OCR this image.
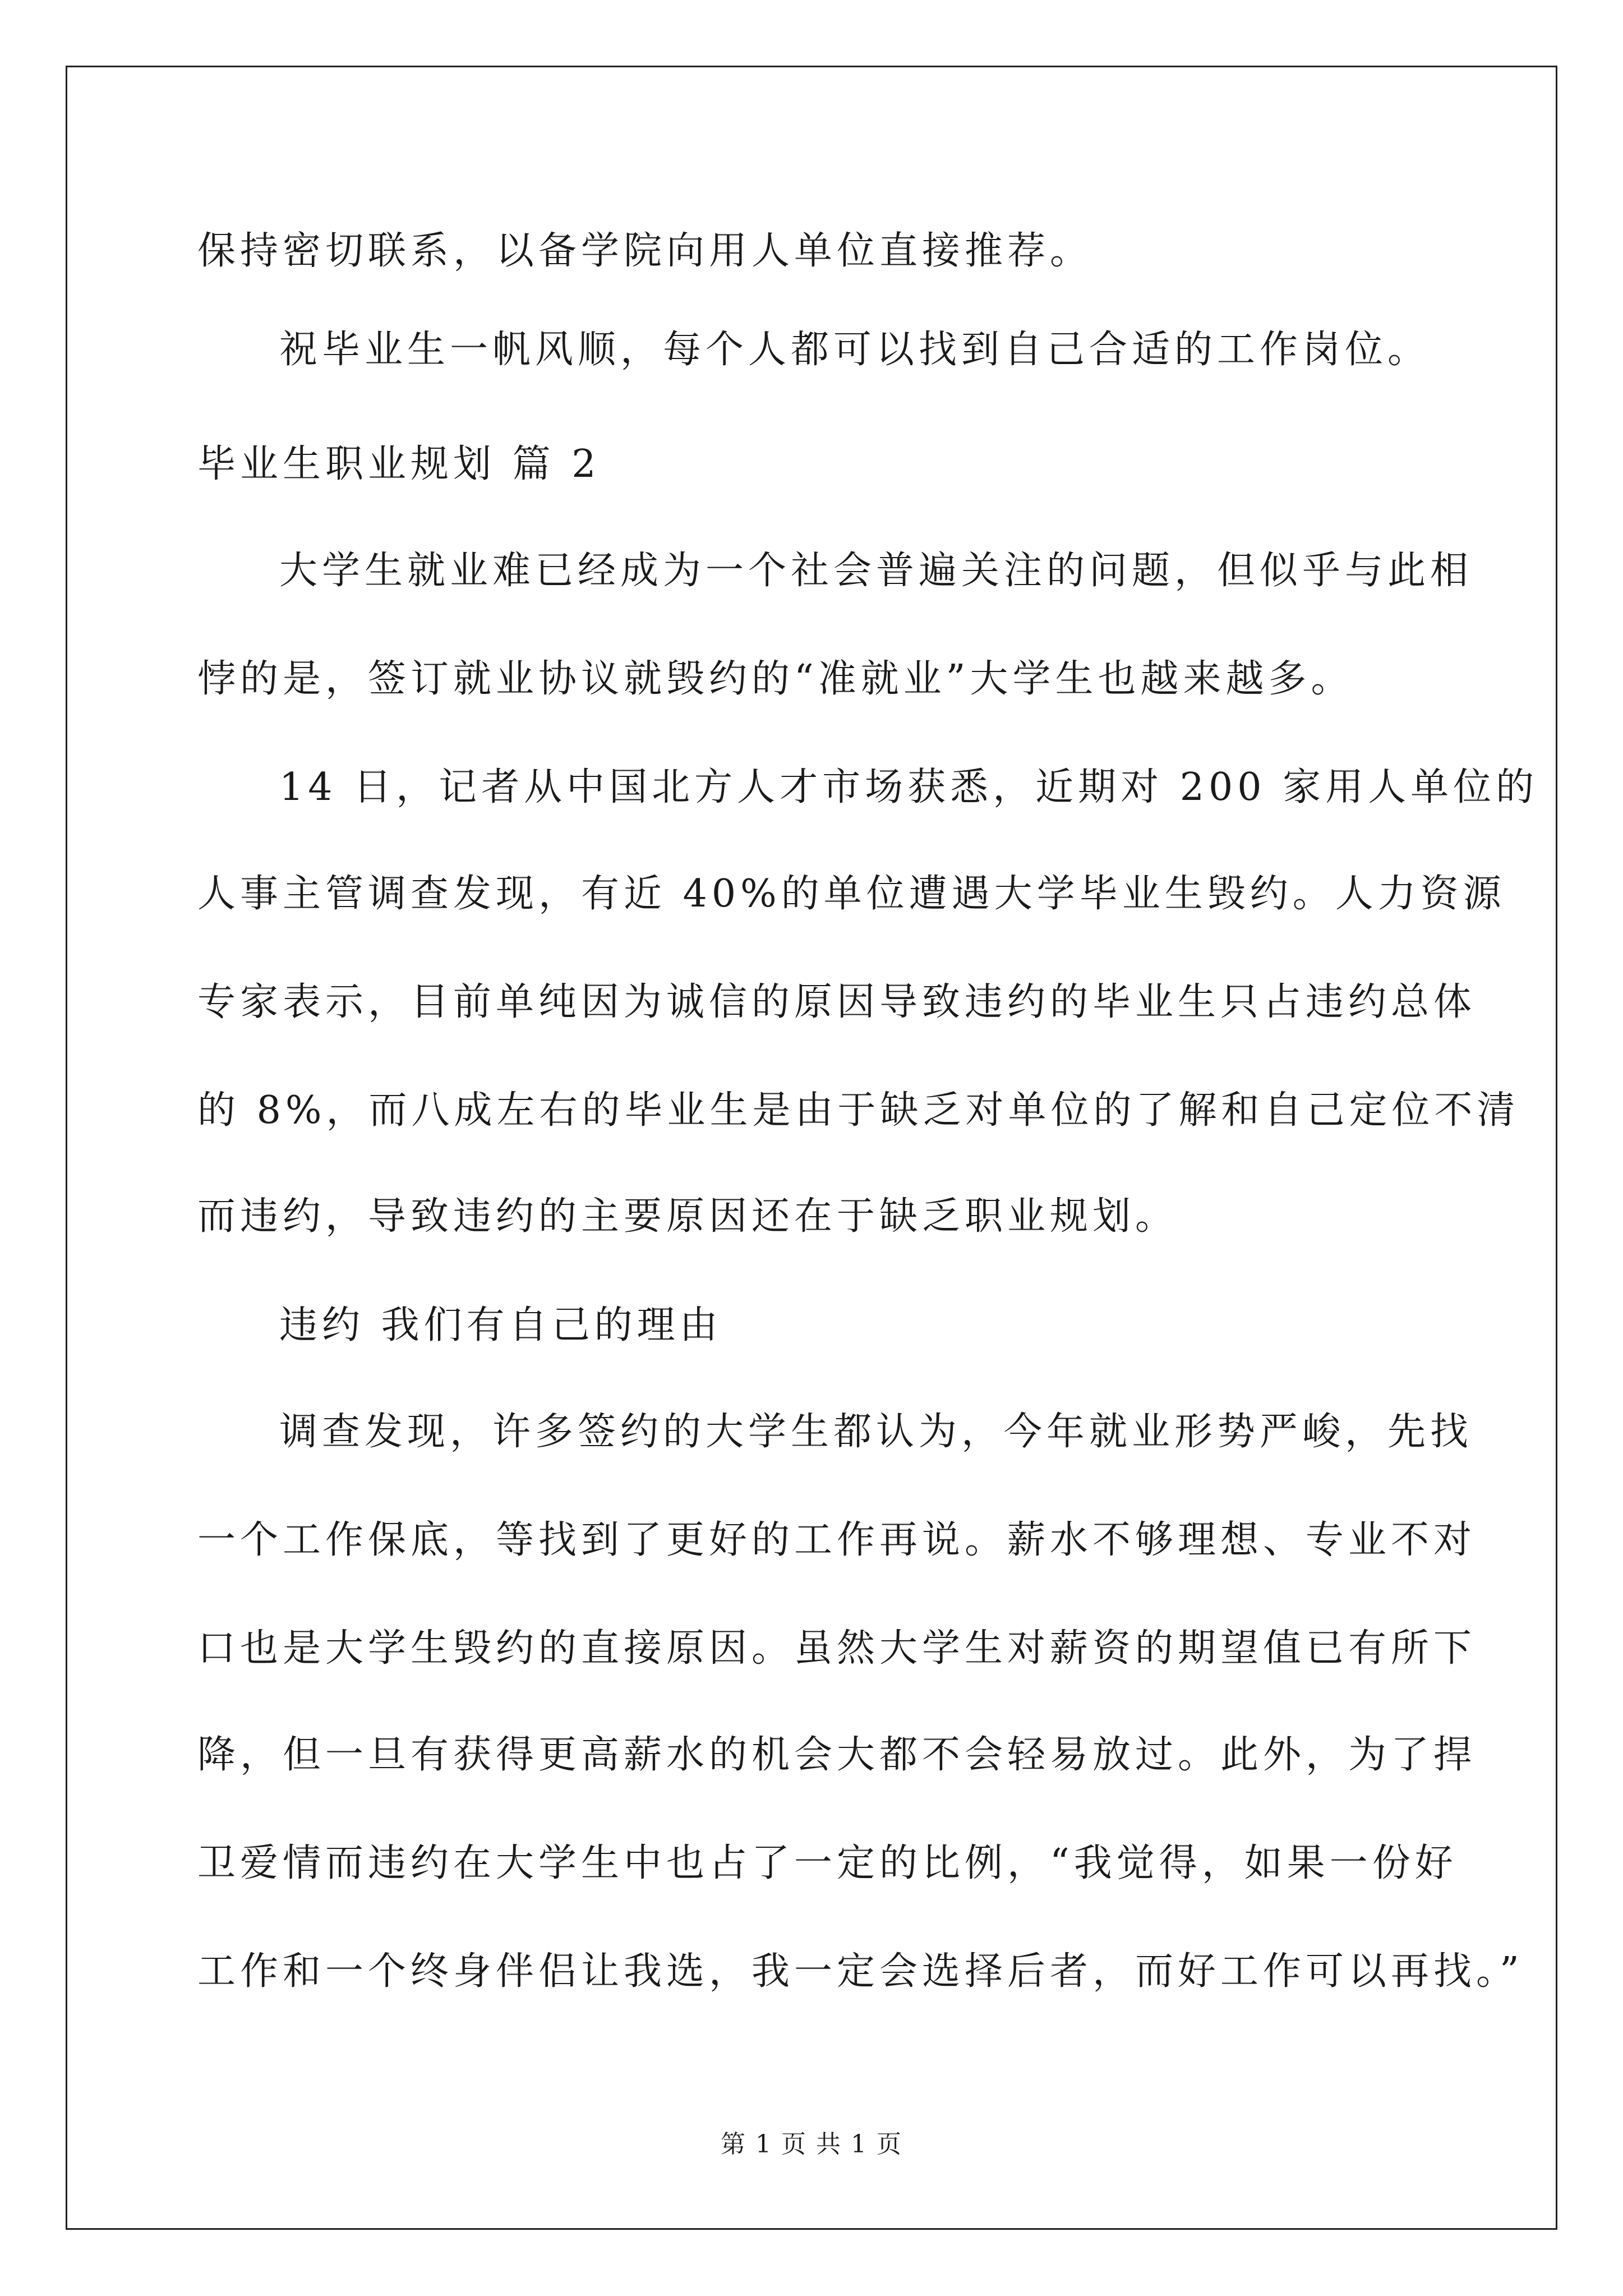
保持密切联系，以备学院向用人单位直接推荐。
祝毕业生一帆风顺，每个人都可以找到自己合适的工作岗位。
毕业生职业规划 篇 2
大学生就业难已经成为一个社会普遍关注的问题，但似乎与此相
悖的是，签订就业协议就毁约的“准就业”大学生也越来越多。
14 日，记者从中国北方人才市场获悉，近期对 200 家用人单位的
人事主管调查发现，有近 40%的单位遭遇大学毕业生毁约。人力资源
专家表示，目前单纯因为诚信的原因导致违约的毕业生只占违约总体
的 8%，而八成左右的毕业生是由于缺乏对单位的了解和自己定位不清
而违约，导致违约的主要原因还在于缺乏职业规划。
违约 我们有自己的理由
调查发现，许多签约的大学生都认为，今年就业形势严峻，先找
一个工作保底，等找到了更好的工作再说。薪水不够理想、专业不对
口也是大学生毁约的直接原因。虽然大学生对薪资的期望值已有所下
降，但一旦有获得更高薪水的机会大都不会轻易放过。此外，为了捍
卫爱情而违约在大学生中也占了一定的比例，“我觉得，如果一份好
工作和一个终身伴侣让我选，我一定会选择后者，而好工作可以再找。”
第 1 页 共 1 页
